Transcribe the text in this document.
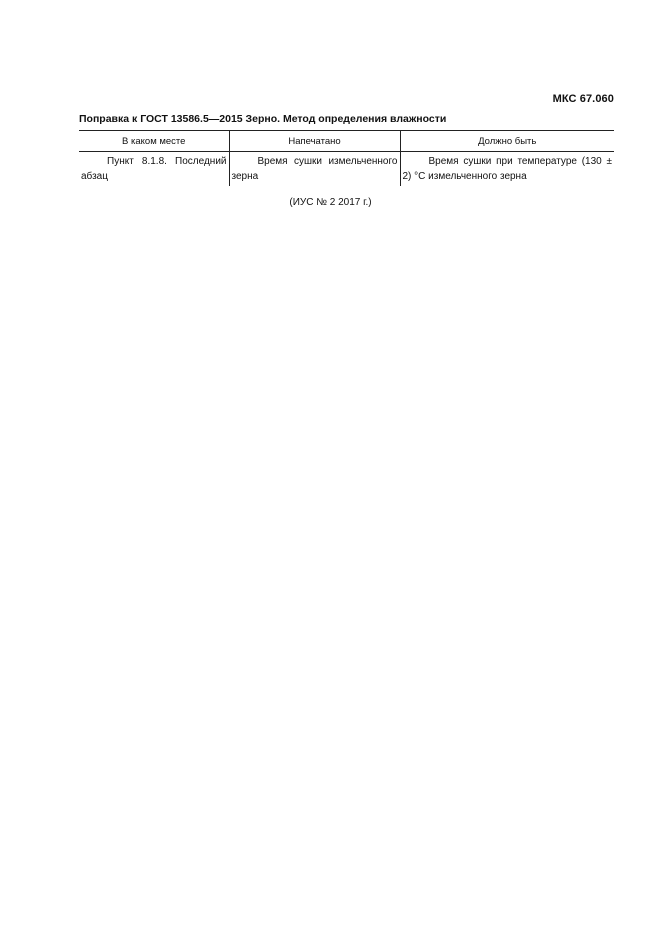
МКС 67.060
Поправка к ГОСТ 13586.5—2015 Зерно. Метод определения влажности
В каком месте	Напечатано	Должно быть
Пункт 8.1.8. Последний абзац	Время сушки измельченного зерна	Время сушки при температуре (130 ± 2) °С измельченного зерна
(ИУС № 2 2017 г.)
